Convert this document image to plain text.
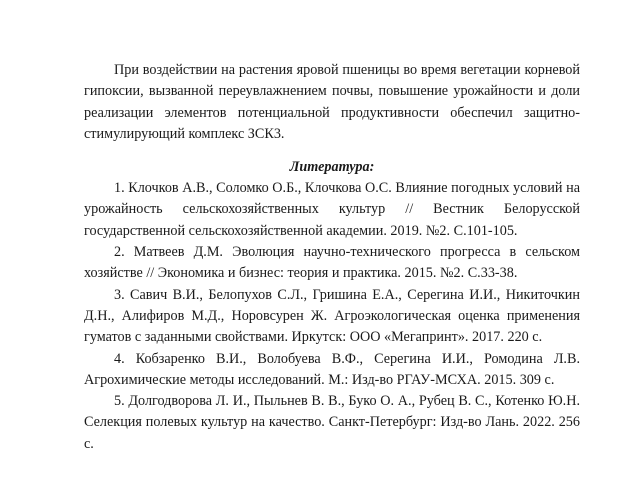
При воздействии на растения яровой пшеницы во время вегетации корневой гипоксии, вызванной переувлажнением почвы, повышение урожайности и доли реализации элементов потенциальной продуктивности обеспечил защитно-стимулирующий комплекс ЗСК3.

Литература:
1. Клочков А.В., Соломко О.Б., Клочкова О.С. Влияние погодных условий на урожайность сельскохозяйственных культур // Вестник Белорусской государственной сельскохозяйственной академии. 2019. №2. С.101-105.
2. Матвеев Д.М. Эволюция научно-технического прогресса в сельском хозяйстве // Экономика и бизнес: теория и практика. 2015. №2. С.33-38.
3. Савич В.И., Белопухов С.Л., Гришина Е.А., Серегина И.И., Никиточкин Д.Н., Алифиров М.Д., Норовсурен Ж. Агроэкологическая оценка применения гуматов с заданными свойствами. Иркутск: ООО «Мегапринт». 2017. 220 с.
4. Кобзаренко В.И., Волобуева В.Ф., Серегина И.И., Ромодина Л.В. Агрохимические методы исследований. М.: Изд-во РГАУ-МСХА. 2015. 309 с.
5. Долгодворова Л. И., Пыльнев В. В., Буко О. А., Рубец В. С., Котенко Ю.Н. Селекция полевых культур на качество. Санкт-Петербург: Изд-во Лань. 2022. 256 с.
